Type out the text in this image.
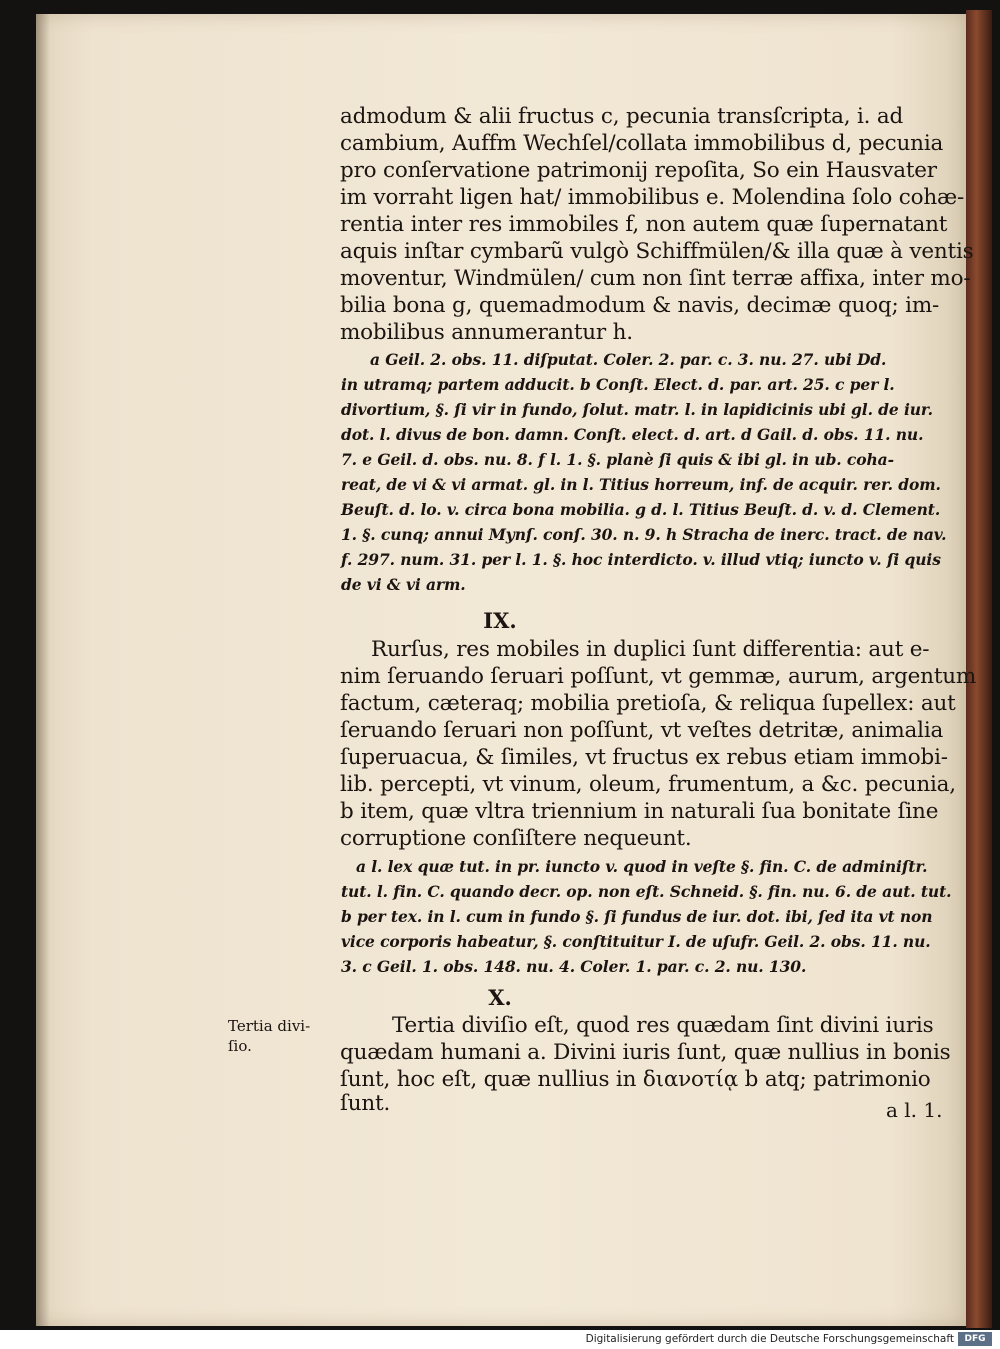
admodum & alii fructus c, pecunia transſcripta, i. ad
cambium, Auffm Wechſel/collata immobilibus d, pecunia
pro conſervatione patrimonij repoſita, So ein Hausvater
im vorraht ligen hat/ immobilibus e. Molendina ſolo cohæ-
rentia inter res immobiles f, non autem quæ ſupernatant
aquis inſtar cymbarũ vulgò Schiffmülen/& illa quæ à ventis
moventur, Windmülen/ cum non ſint terræ affixa, inter mo-
bilia bona g, quemadmodum & navis, decimæ quoq; im-
mobilibus annumerantur h.
a Geil. 2. obs. 11. diſputat. Coler. 2. par. c. 3. nu. 27. ubi Dd.
in utramq; partem adducit. b Conſt. Elect. d. par. art. 25. c per l.
divortium, §. ſi vir in fundo, ſolut. matr. l. in lapidicinis ubi gl. de iur.
dot. l. divus de bon. damn. Conſt. elect. d. art. d Gail. d. obs. 11. nu.
7. e Geil. d. obs. nu. 8. f l. 1. §. planè ſi quis & ibi gl. in ub. coha-
reat, de vi & vi armat. gl. in l. Titius horreum, inf. de acquir. rer. dom.
Beuſt. d. lo. v. circa bona mobilia. g d. l. Titius Beuſt. d. v. d. Clement.
1. §. cunq; annui Mynſ. conſ. 30. n. 9. h Stracha de inerc. tract. de nav.
f. 297. num. 31. per l. 1. §. hoc interdicto. v. illud vtiq; iuncto v. ſi quis
de vi & vi arm.
IX.
Rurſus, res mobiles in duplici ſunt differentia: aut e-
nim ſeruando ſeruari poſſunt, vt gemmæ, aurum, argentum
factum, cæteraq; mobilia pretioſa, & reliqua ſupellex: aut
ſeruando ſeruari non poſſunt, vt veſtes detritæ, animalia
ſuperuacua, & ſimiles, vt fructus ex rebus etiam immobi-
lib. percepti, vt vinum, oleum, frumentum, a &c. pecunia,
b item, quæ vltra triennium in naturali ſua bonitate ſine
corruptione conſiſtere nequeunt.
a l. lex quæ tut. in pr. iuncto v. quod in veſte §. fin. C. de adminiſtr.
tut. l. fin. C. quando decr. op. non eſt. Schneid. §. fin. nu. 6. de aut. tut.
b per tex. in l. cum in fundo §. ſi fundus de iur. dot. ibi, ſed ita vt non
vice corporis habeatur, §. conſtituitur I. de uſufr. Geil. 2. obs. 11. nu.
3. c Geil. 1. obs. 148. nu. 4. Coler. 1. par. c. 2. nu. 130.
X.
Tertia divi-
ſio.
Tertia diviſio eſt, quod res quædam ſint divini iuris
quædam humani a. Divini iuris ſunt, quæ nullius in bonis
ſunt, hoc eſt, quæ nullius in διανοτίᾳ b atq; patrimonio
ſunt.	a l. 1.
Digitalisierung gefördert durch die Deutsche Forschungsgemeinschaft	DFG
